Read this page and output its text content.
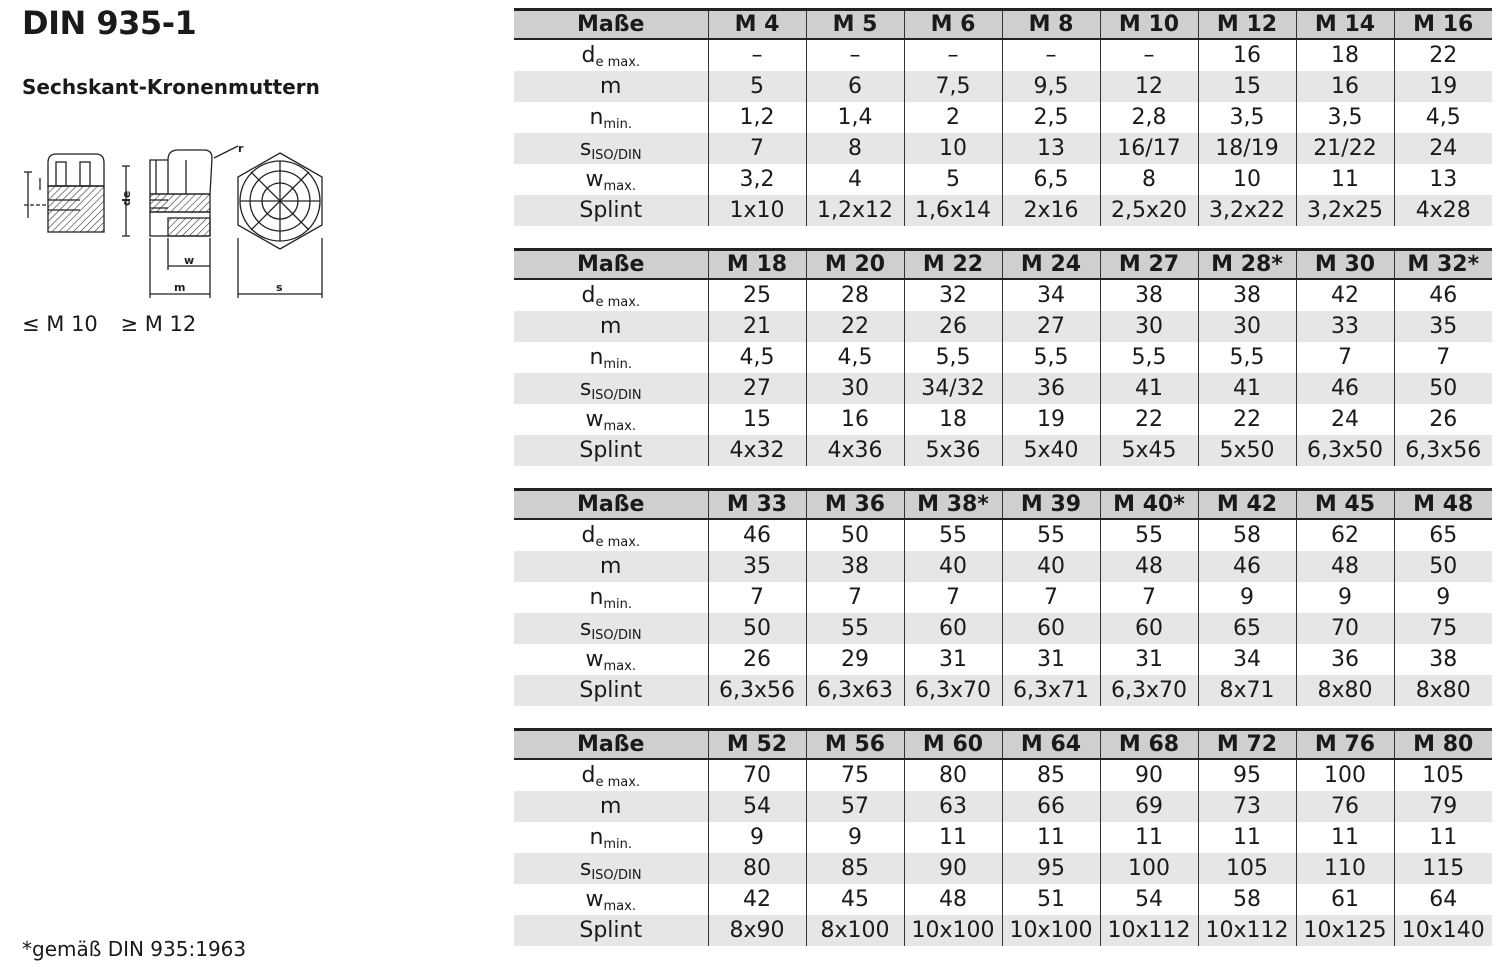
DIN 935-1
Sechskant-Kronenmuttern
de
w
m	s
r
≤ M 10 ≥ M 12
Maße	M 4	M 5	M 6	M 8	M 10	M 12	M 14	M 16
$d_{e max.}$	–	–	–	–	–	16	18	22
m	5	6	7,5	9,5	12	15	16	19
$n_{min.}$	1,2	1,4	2	2,5	2,8	3,5	3,5	4,5
$s_{ISO/DIN}$	7	8	10	13	16/17	18/19	21/22	24
$w_{max.}$	3,2	4	5	6,5	8	10	11	13
Splint	1x10	1,2x12	1,6x14	2x16	2,5x20	3,2x22	3,2x25	4x28
Maße	M 18	M 20	M 22	M 24	M 27	M 28*	M 30	M 32*
$d_{e max.}$	25	28	32	34	38	38	42	46
m	21	22	26	27	30	30	33	35
$n_{min.}$	4,5	4,5	5,5	5,5	5,5	5,5	7	7
$s_{ISO/DIN}$	27	30	34/32	36	41	41	46	50
$w_{max.}$	15	16	18	19	22	22	24	26
Splint	4x32	4x36	5x36	5x40	5x45	5x50	6,3x50	6,3x56
Maße	M 33	M 36	M 38*	M 39	M 40*	M 42	M 45	M 48
$d_{e max.}$	46	50	55	55	55	58	62	65
m	35	38	40	40	48	46	48	50
$n_{min.}$	7	7	7	7	7	9	9	9
$s_{ISO/DIN}$	50	55	60	60	60	65	70	75
$w_{max.}$	26	29	31	31	31	34	36	38
Splint	6,3x56	6,3x63	6,3x70	6,3x71	6,3x70	8x71	8x80	8x80
Maße	M 52	M 56	M 60	M 64	M 68	M 72	M 76	M 80
$d_{e max.}$	70	75	80	85	90	95	100	105
m	54	57	63	66	69	73	76	79
$n_{min.}$	9	9	11	11	11	11	11	11
$s_{ISO/DIN}$	80	85	90	95	100	105	110	115
$w_{max.}$	42	45	48	51	54	58	61	64
Splint	8x90	8x100	10x100	10x100	10x112	10x112	10x125	10x140
*gemäß DIN 935:1963
